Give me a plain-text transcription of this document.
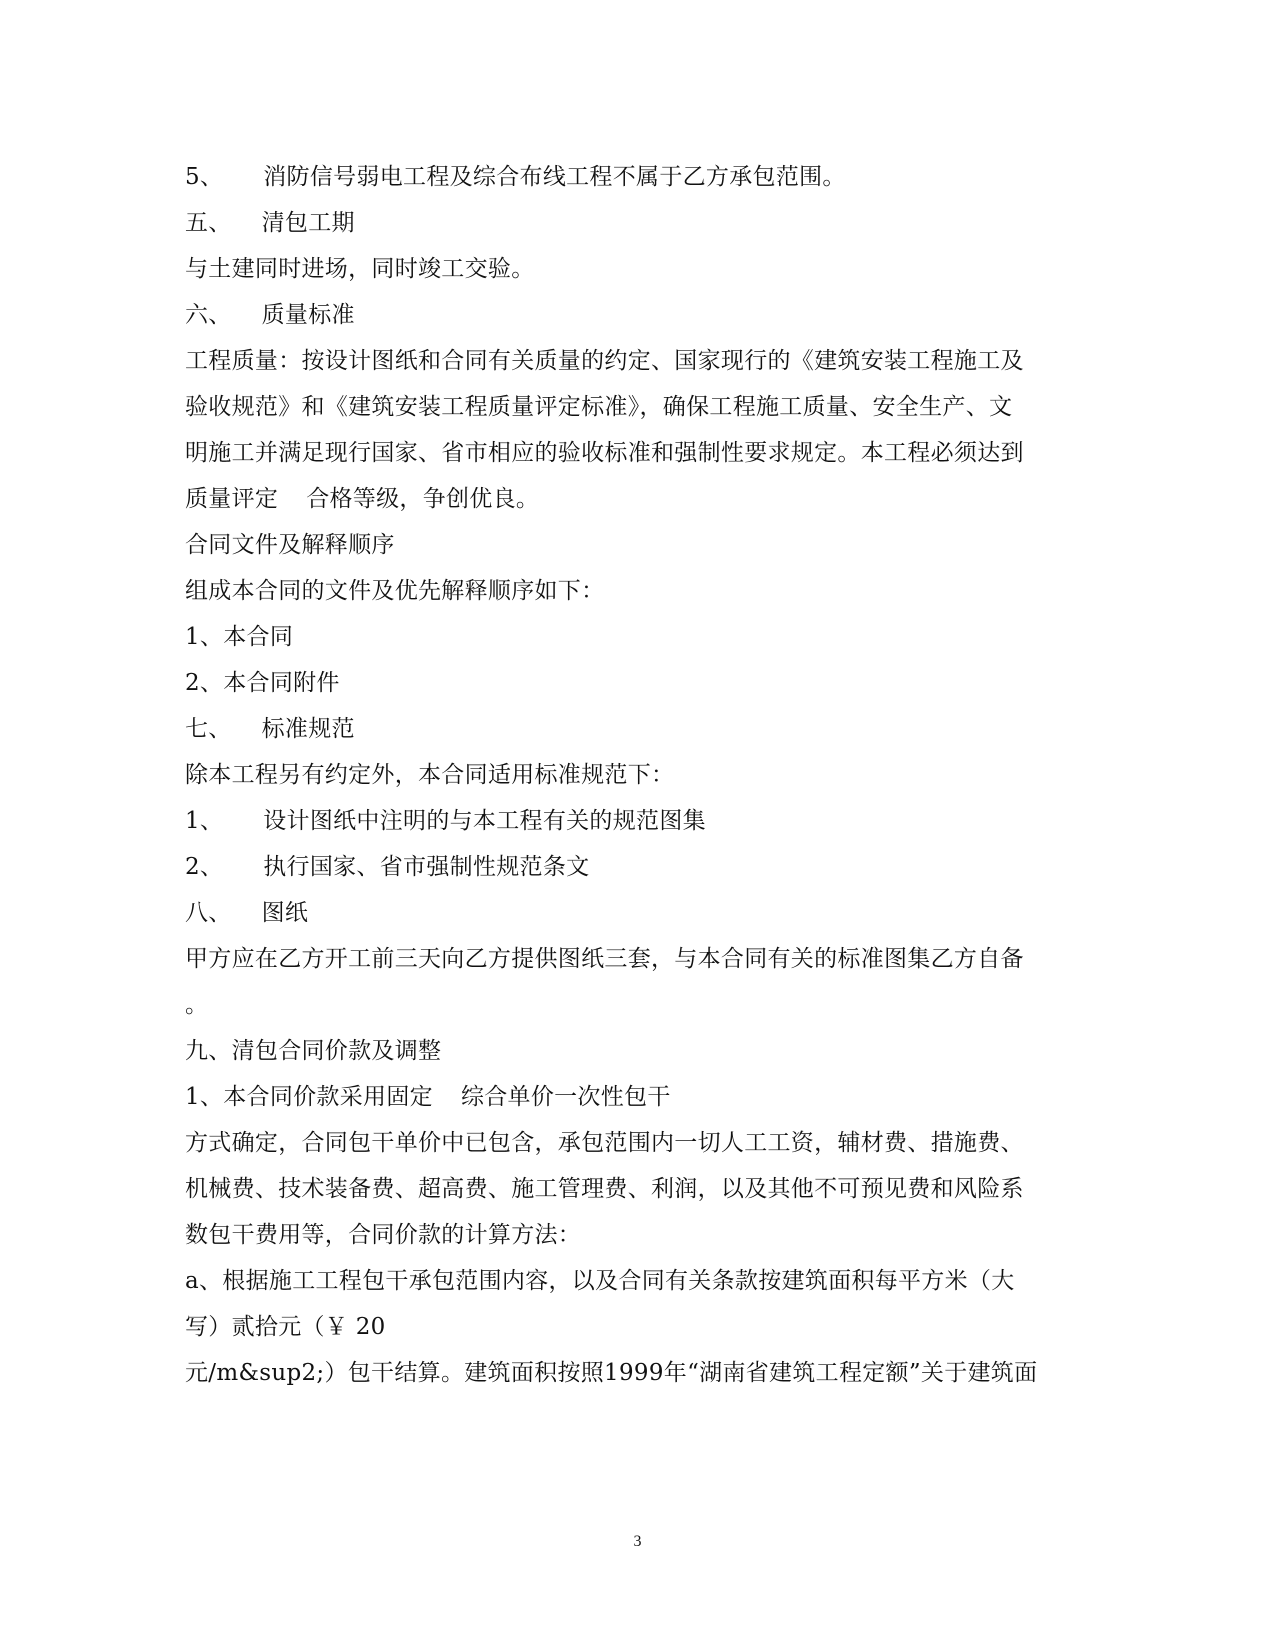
5、 消防信号弱电工程及综合布线工程不属于乙方承包范围。
五、 清包工期
与土建同时进场，同时竣工交验。
六、 质量标准
工程质量：按设计图纸和合同有关质量的约定、国家现行的《建筑安装工程施工及
验收规范》和《建筑安装工程质量评定标准》，确保工程施工质量、安全生产、文
明施工并满足现行国家、省市相应的验收标准和强制性要求规定。本工程必须达到
质量评定 合格等级，争创优良。
合同文件及解释顺序
组成本合同的文件及优先解释顺序如下：
1、本合同
2、本合同附件
七、 标准规范
除本工程另有约定外，本合同适用标准规范下：
1、 设计图纸中注明的与本工程有关的规范图集
2、 执行国家、省市强制性规范条文
八、 图纸
甲方应在乙方开工前三天向乙方提供图纸三套，与本合同有关的标准图集乙方自备
。
九、清包合同价款及调整
1、本合同价款采用固定 综合单价一次性包干
方式确定，合同包干单价中已包含，承包范围内一切人工工资，辅材费、措施费、
机械费、技术装备费、超高费、施工管理费、利润，以及其他不可预见费和风险系
数包干费用等，合同价款的计算方法：
a、根据施工工程包干承包范围内容，以及合同有关条款按建筑面积每平方米（大
写）贰拾元（￥ 20
元/m&sup2;）包干结算。建筑面积按照1999年“湖南省建筑工程定额”关于建筑面
3
